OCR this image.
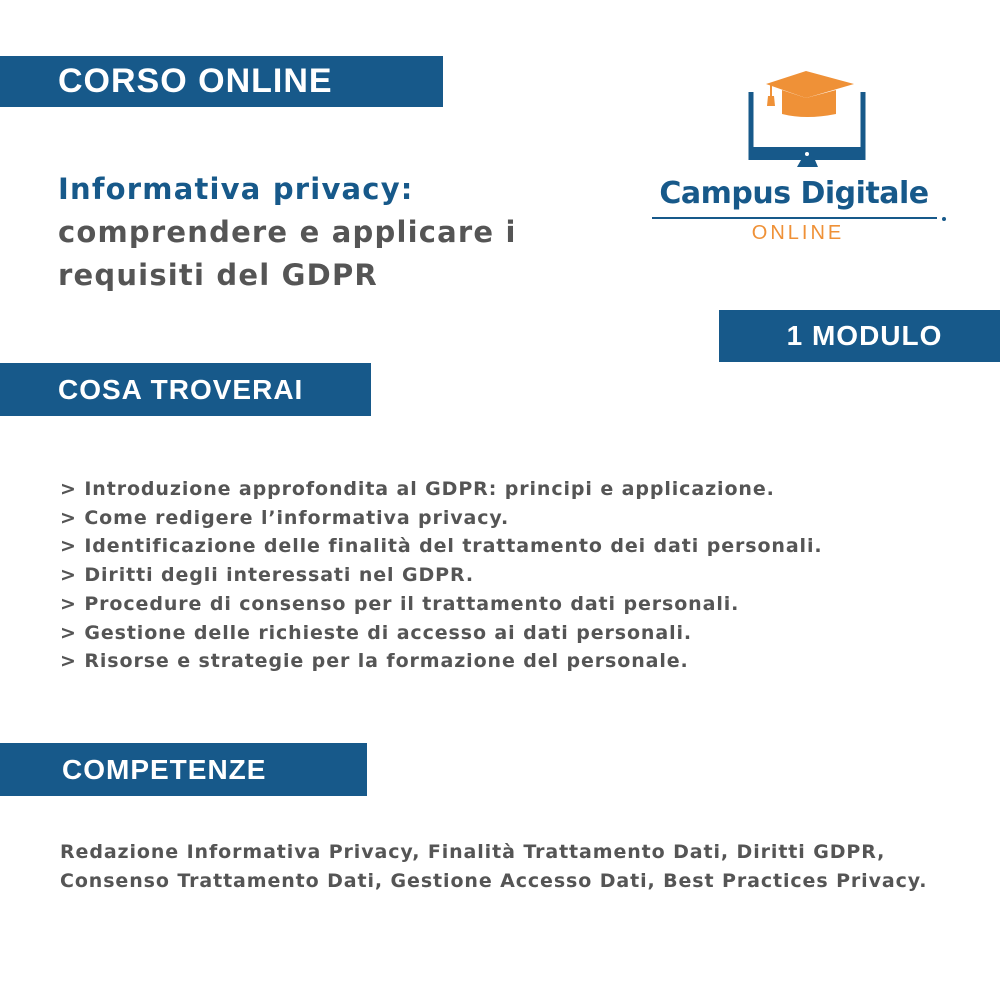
CORSO ONLINE
Informativa privacy:
comprendere e applicare i
requisiti del GDPR
Campus Digitale
ONLINE
1 MODULO
COSA TROVERAI
> Introduzione approfondita al GDPR: principi e applicazione.
> Come redigere l’informativa privacy.
> Identificazione delle finalità del trattamento dei dati personali.
> Diritti degli interessati nel GDPR.
> Procedure di consenso per il trattamento dati personali.
> Gestione delle richieste di accesso ai dati personali.
> Risorse e strategie per la formazione del personale.
COMPETENZE
Redazione Informativa Privacy, Finalità Trattamento Dati, Diritti GDPR, Consenso Trattamento Dati, Gestione Accesso Dati, Best Practices Privacy.
